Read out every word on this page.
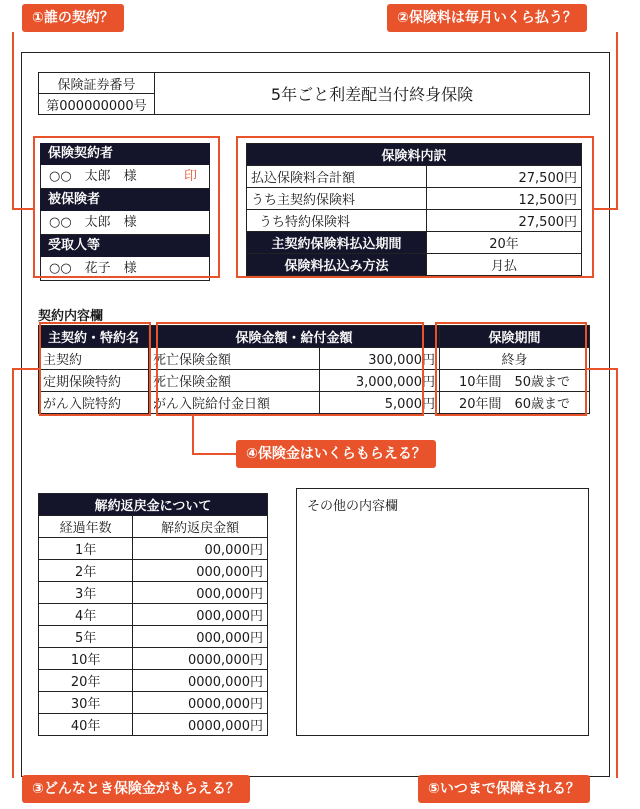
保険証券番号	5年ごと利差配当付終身保険
第000000000号
保険契約者
○○　太郎　様	印
被保険者
○○　太郎　様
受取人等
○○　花子　様
保険料内訳	
払込保険料合計額	27,500円
うち主契約保険料	12,500円
うち特約保険料	27,500円
主契約保険料払込期間	20年
保険料払込み方法	月払
契約内容欄
主契約・特約名	保険金額・給付金額		保険期間
主契約	死亡保険金額	300,000円	終身
定期保険特約	死亡保険金額	3,000,000円	10年間　50歳まで
がん入院特約	がん入院給付金日額	5,000円	20年間　60歳まで
解約返戻金について	
経過年数	解約返戻金額
1年	00,000円
2年	000,000円
3年	000,000円
4年	000,000円
5年	000,000円
10年	0000,000円
20年	0000,000円
30年	0000,000円
40年	0000,000円
その他の内容欄
①誰の契約？	②保険料は毎月いくら払う？
④保険金はいくらもらえる？
③どんなとき保険金がもらえる？	⑤いつまで保障される？
